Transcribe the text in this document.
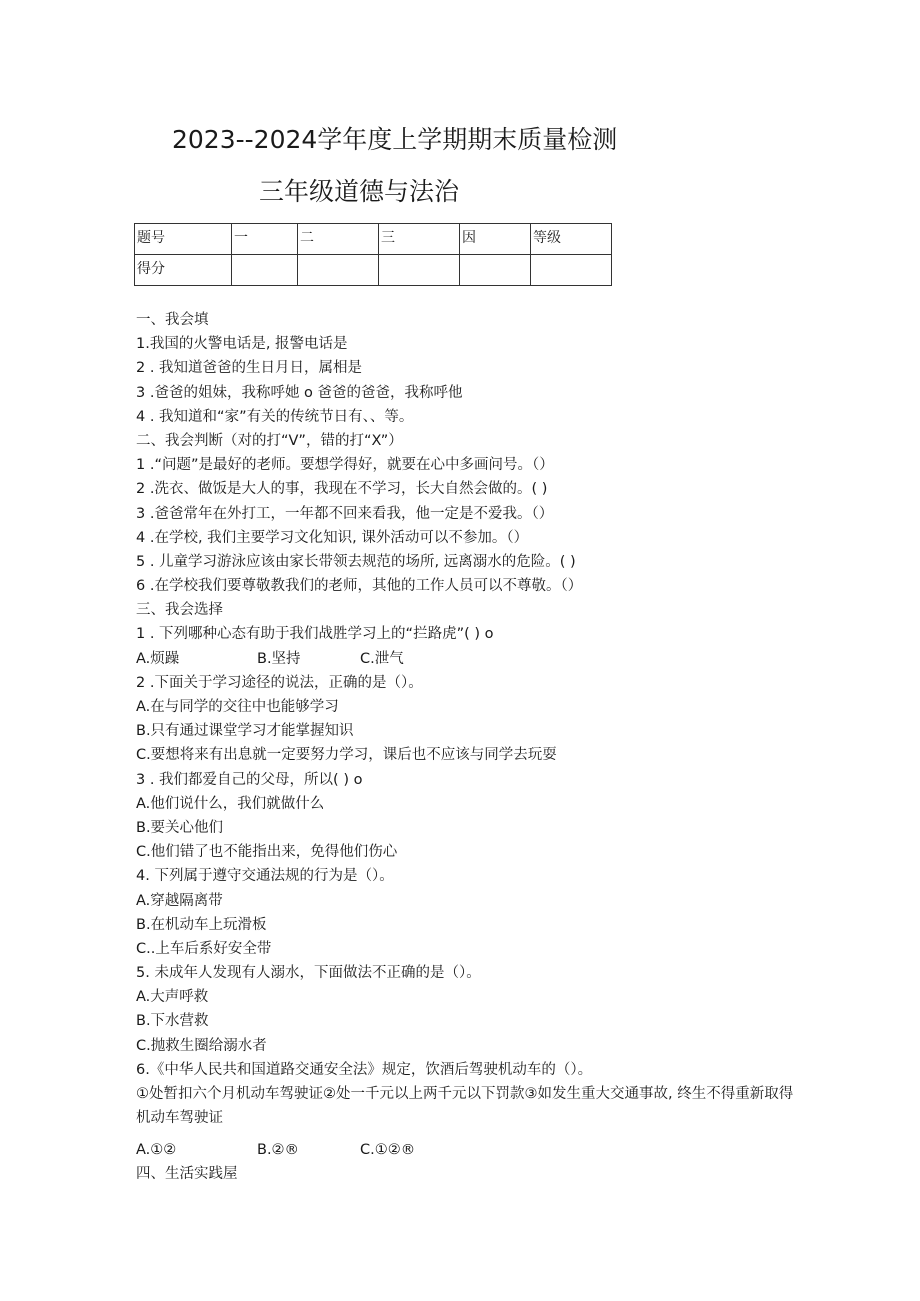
2023--2024学年度上学期期末质量检测
三年级道德与法治
题号	一	二	三	因	等级
得分					
一、我会填
1.我国的火警电话是, 报警电话是
2 . 我知道爸爸的生日月日，属相是
3 .爸爸的姐妹，我称呼她 o 爸爸的爸爸，我称呼他
4 . 我知道和“家”有关的传统节日有、、等。
二、我会判断（对的打“V”，错的打“X”）
1 .“问题”是最好的老师。要想学得好，就要在心中多画问号。（）
2 .洗衣、做饭是大人的事，我现在不学习，长大自然会做的。( )
3 .爸爸常年在外打工，一年都不回来看我，他一定是不爱我。（）
4 .在学校, 我们主要学习文化知识, 课外活动可以不参加。（）
5 . 儿童学习游泳应该由家长带领去规范的场所, 远离溺水的危险。( )
6 .在学校我们要尊敬教我们的老师，其他的工作人员可以不尊敬。（）
三、我会选择
1 . 下列哪种心态有助于我们战胜学习上的“拦路虎”( ) o
A.烦躁	B.坚持	C.泄气
2 .下面关于学习途径的说法，正确的是（）。
A.在与同学的交往中也能够学习
B.只有通过课堂学习才能掌握知识
C.要想将来有出息就一定要努力学习，课后也不应该与同学去玩耍
3 . 我们都爱自己的父母，所以( ) o
A.他们说什么，我们就做什么
B.要关心他们
C.他们错了也不能指出来，免得他们伤心
4. 下列属于遵守交通法规的行为是（）。
A.穿越隔离带
B.在机动车上玩滑板
C..上车后系好安全带
5. 未成年人发现有人溺水，下面做法不正确的是（）。
A.大声呼救
B.下水营救
C.抛救生圈给溺水者
6.《中华人民共和国道路交通安全法》规定，饮酒后驾驶机动车的（）。
①处暂扣六个月机动车驾驶证②处一千元以上两千元以下罚款③如发生重大交通事故, 终生不得重新取得机动车驾驶证
A.①②	B.②®	C.①②®
四、生活实践屋
